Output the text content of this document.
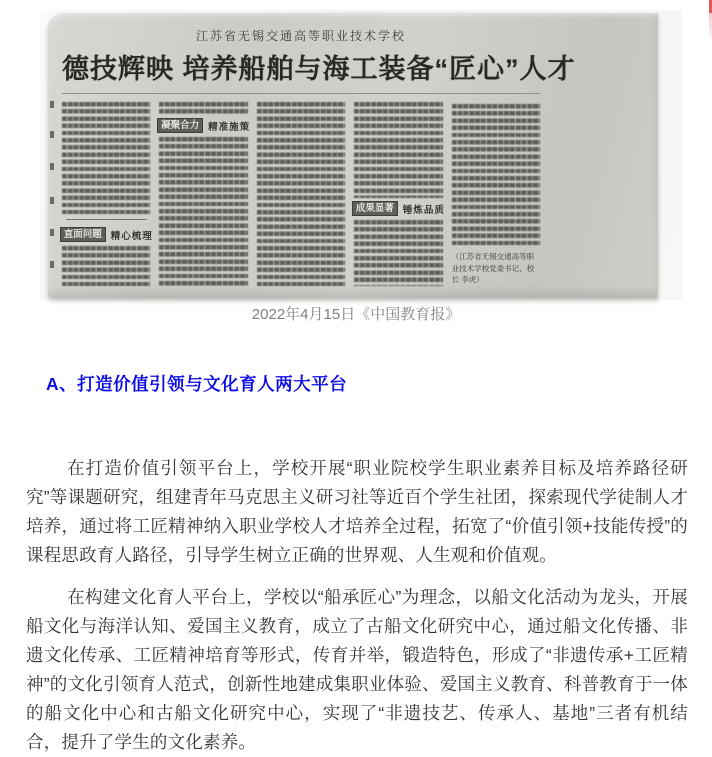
江苏省无锡交通高等职业技术学校
德技辉映 培养船舶与海工装备“匠心”人才
直面问题 精心梳理
凝聚合力 精准施策
成果显著 锤炼品质
（江苏省无锡交通高等职业技术学校党委书记、校长 李虎）
2022年4月15日《中国教育报》
A、打造价值引领与文化育人两大平台

在打造价值引领平台上，学校开展“职业院校学生职业素养目标及培养路径研究”等课题研究，组建青年马克思主义研习社等近百个学生社团，探索现代学徒制人才培养，通过将工匠精神纳入职业学校人才培养全过程，拓宽了“价值引领+技能传授”的课程思政育人路径，引导学生树立正确的世界观、人生观和价值观。

在构建文化育人平台上，学校以“船承匠心”为理念，以船文化活动为龙头，开展船文化与海洋认知、爱国主义教育，成立了古船文化研究中心，通过船文化传播、非遗文化传承、工匠精神培育等形式，传育并举，锻造特色，形成了“非遗传承+工匠精神”的文化引领育人范式，创新性地建成集职业体验、爱国主义教育、科普教育于一体的船文化中心和古船文化研究中心，实现了“非遗技艺、传承人、基地”三者有机结合，提升了学生的文化素养。
